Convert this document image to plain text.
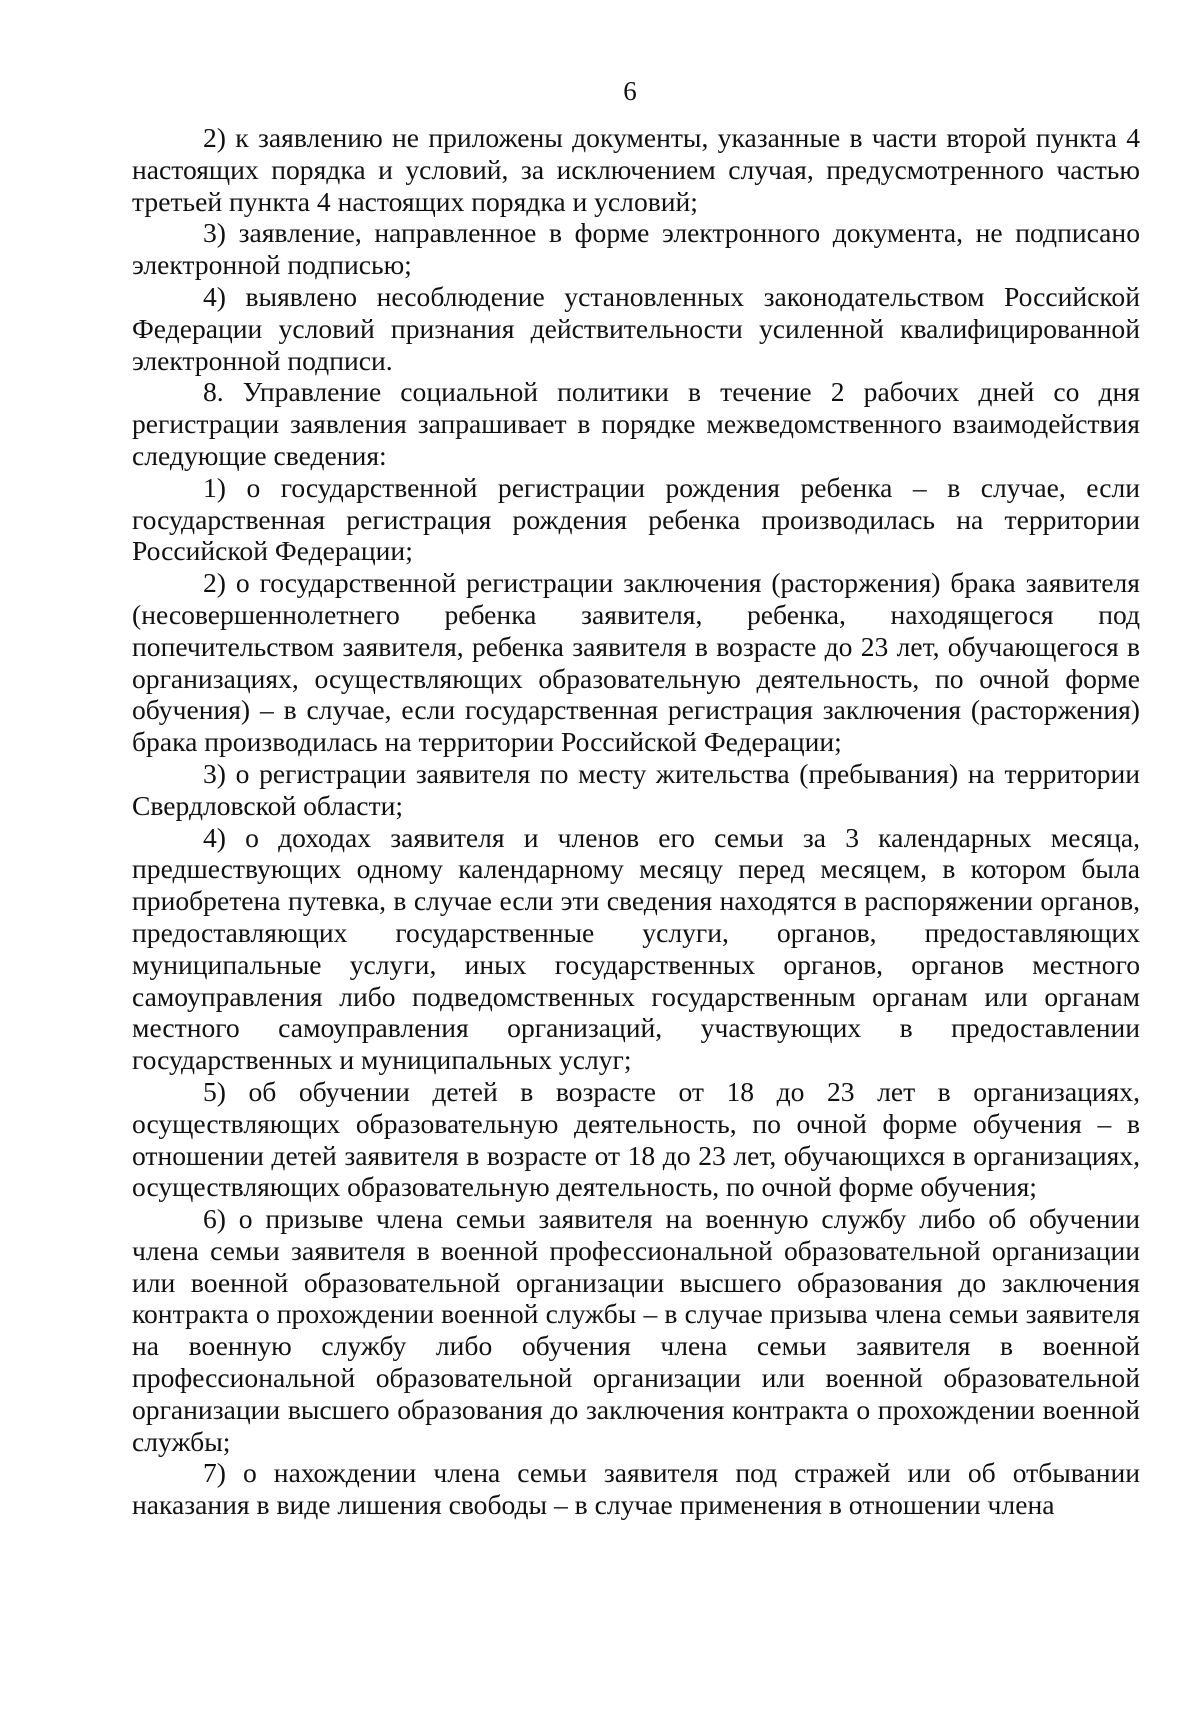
6

2) к заявлению не приложены документы, указанные в части второй пункта 4 настоящих порядка и условий, за исключением случая, предусмотренного частью третьей пункта 4 настоящих порядка и условий;

3) заявление, направленное в форме электронного документа, не подписано электронной подписью;

4) выявлено несоблюдение установленных законодательством Российской Федерации условий признания действительности усиленной квалифицированной электронной подписи.

8. Управление социальной политики в течение 2 рабочих дней со дня регистрации заявления запрашивает в порядке межведомственного взаимодействия следующие сведения:

1) о государственной регистрации рождения ребенка – в случае, если государственная регистрация рождения ребенка производилась на территории Российской Федерации;

2) о государственной регистрации заключения (расторжения) брака заявителя (несовершеннолетнего ребенка заявителя, ребенка, находящегося под попечительством заявителя, ребенка заявителя в возрасте до 23 лет, обучающегося в организациях, осуществляющих образовательную деятельность, по очной форме обучения) – в случае, если государственная регистрация заключения (расторжения) брака производилась на территории Российской Федерации;

3) о регистрации заявителя по месту жительства (пребывания) на территории Свердловской области;

4) о доходах заявителя и членов его семьи за 3 календарных месяца, предшествующих одному календарному месяцу перед месяцем, в котором была приобретена путевка, в случае если эти сведения находятся в распоряжении органов, предоставляющих государственные услуги, органов, предоставляющих муниципальные услуги, иных государственных органов, органов местного самоуправления либо подведомственных государственным органам или органам местного самоуправления организаций, участвующих в предоставлении государственных и муниципальных услуг;

5) об обучении детей в возрасте от 18 до 23 лет в организациях, осуществляющих образовательную деятельность, по очной форме обучения – в отношении детей заявителя в возрасте от 18 до 23 лет, обучающихся в организациях, осуществляющих образовательную деятельность, по очной форме обучения;

6) о призыве члена семьи заявителя на военную службу либо об обучении члена семьи заявителя в военной профессиональной образовательной организации или военной образовательной организации высшего образования до заключения контракта о прохождении военной службы – в случае призыва члена семьи заявителя на военную службу либо обучения члена семьи заявителя в военной профессиональной образовательной организации или военной образовательной организации высшего образования до заключения контракта о прохождении военной службы;

7) о нахождении члена семьи заявителя под стражей или об отбывании наказания в виде лишения свободы – в случае применения в отношении члена
